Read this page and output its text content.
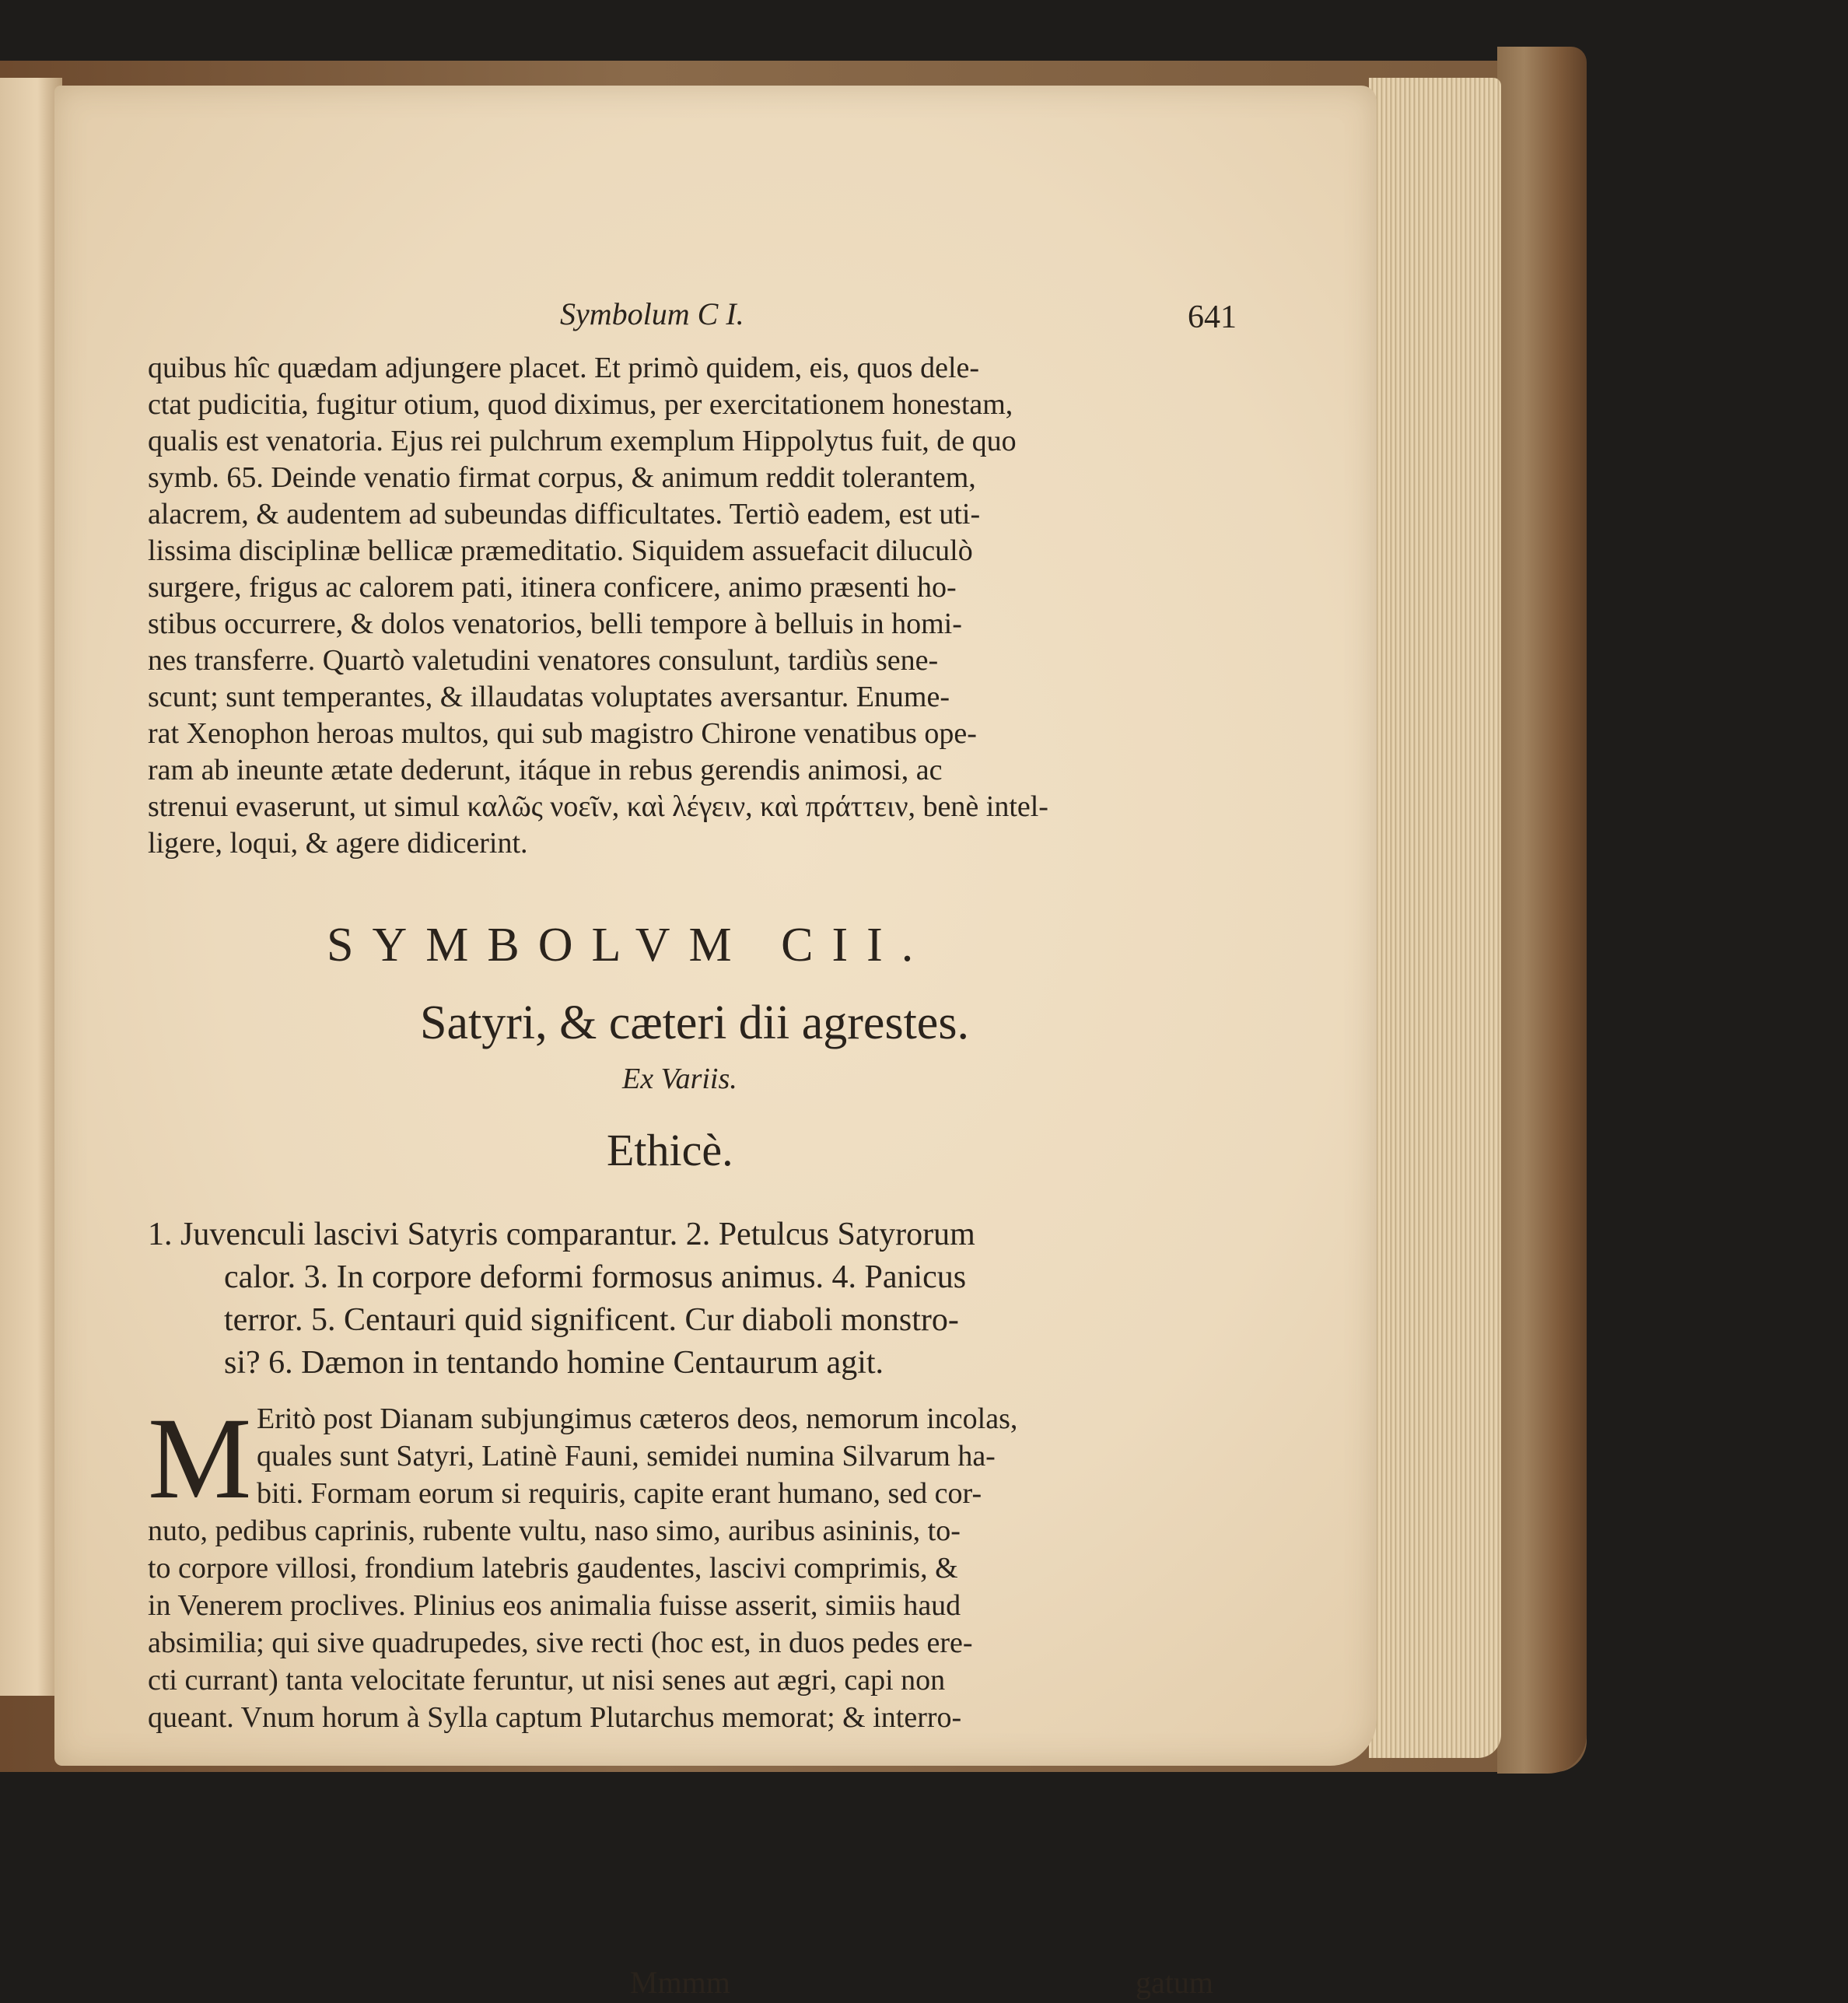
Symbolum C I.	641
quibus hîc quædam adjungere placet. Et primò quidem, eis, quos dele-
ctat pudicitia, fugitur otium, quod diximus, per exercitationem honestam,
qualis est venatoria. Ejus rei pulchrum exemplum Hippolytus fuit, de quo
symb. 65. Deinde venatio firmat corpus, & animum reddit tolerantem,
alacrem, & audentem ad subeundas difficultates. Tertiò eadem, est uti-
lissima disciplinæ bellicæ præmeditatio. Siquidem assuefacit diluculò
surgere, frigus ac calorem pati, itinera conficere, animo præsenti ho-
stibus occurrere, & dolos venatorios, belli tempore à belluis in homi-
nes transferre. Quartò valetudini venatores consulunt, tardiùs sene-
scunt; sunt temperantes, & illaudatas voluptates aversantur. Enume-
rat Xenophon heroas multos, qui sub magistro Chirone venatibus ope-
ram ab ineunte ætate dederunt, itáque in rebus gerendis animosi, ac
strenui evaserunt, ut simul καλῶς νοεῖν, καὶ λέγειν, καὶ πράττειν, benè intel-
ligere, loqui, & agere didicerint.
SYMBOLVM CII.
Satyri, & cæteri dii agrestes.
Ex Variis.
Ethicè.
1. Juvenculi lascivi Satyris comparantur. 2. Petulcus Satyrorum
calor. 3. In corpore deformi formosus animus. 4. Panicus
terror. 5. Centauri quid significent. Cur diaboli monstro-
si? 6. Dæmon in tentando homine Centaurum agit.
M Eritò post Dianam subjungimus cæteros deos, nemorum incolas,
quales sunt Satyri, Latinè Fauni, semidei numina Silvarum ha-
biti. Formam eorum si requiris, capite erant humano, sed cor-
nuto, pedibus caprinis, rubente vultu, naso simo, auribus asininis, to-
to corpore villosi, frondium latebris gaudentes, lascivi comprimis, &
in Venerem proclives. Plinius eos animalia fuisse asserit, simiis haud
absimilia; qui sive quadrupedes, sive recti (hoc est, in duos pedes ere-
cti currant) tanta velocitate feruntur, ut nisi senes aut ægri, capi non
queant. Vnum horum à Sylla captum Plutarchus memorat; & interro-
Mmmm	gatum
